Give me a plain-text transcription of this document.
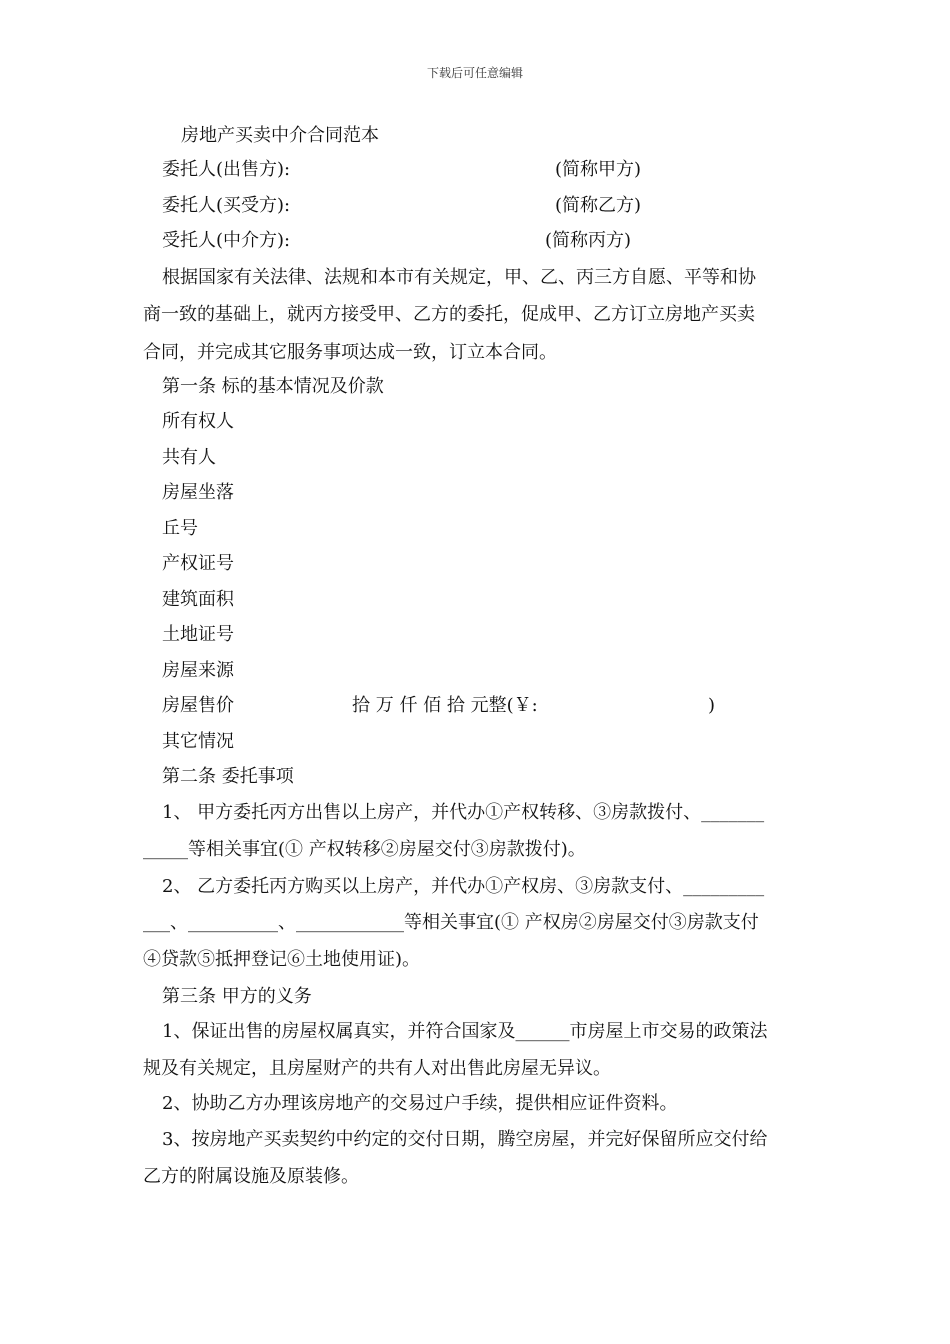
下载后可任意编辑
房地产买卖中介合同范本
委托人(出售方):	(简称甲方)
委托人(买受方):	(简称乙方)
受托人(中介方):	(简称丙方)
根据国家有关法律、法规和本市有关规定，甲、乙、丙三方自愿、平等和协
商一致的基础上，就丙方接受甲、乙方的委托，促成甲、乙方订立房地产买卖
合同，并完成其它服务事项达成一致，订立本合同。
第一条 标的基本情况及价款
所有权人
共有人
房屋坐落
丘号
产权证号
建筑面积
土地证号
房屋来源
房屋售价	拾 万 仟 佰 拾 元整(￥:	)
其它情况
第二条 委托事项
1、 甲方委托丙方出售以上房产，并代办①产权转移、③房款拨付、_______
_____等相关事宜(① 产权转移②房屋交付③房款拨付)。
2、 乙方委托丙方购买以上房产，并代办①产权房、③房款支付、_________
___、__________、____________等相关事宜(① 产权房②房屋交付③房款支付
④贷款⑤抵押登记⑥土地使用证)。
第三条 甲方的义务
1、保证出售的房屋权属真实，并符合国家及______市房屋上市交易的政策法
规及有关规定，且房屋财产的共有人对出售此房屋无异议。
2、协助乙方办理该房地产的交易过户手续，提供相应证件资料。
3、按房地产买卖契约中约定的交付日期，腾空房屋，并完好保留所应交付给
乙方的附属设施及原装修。
